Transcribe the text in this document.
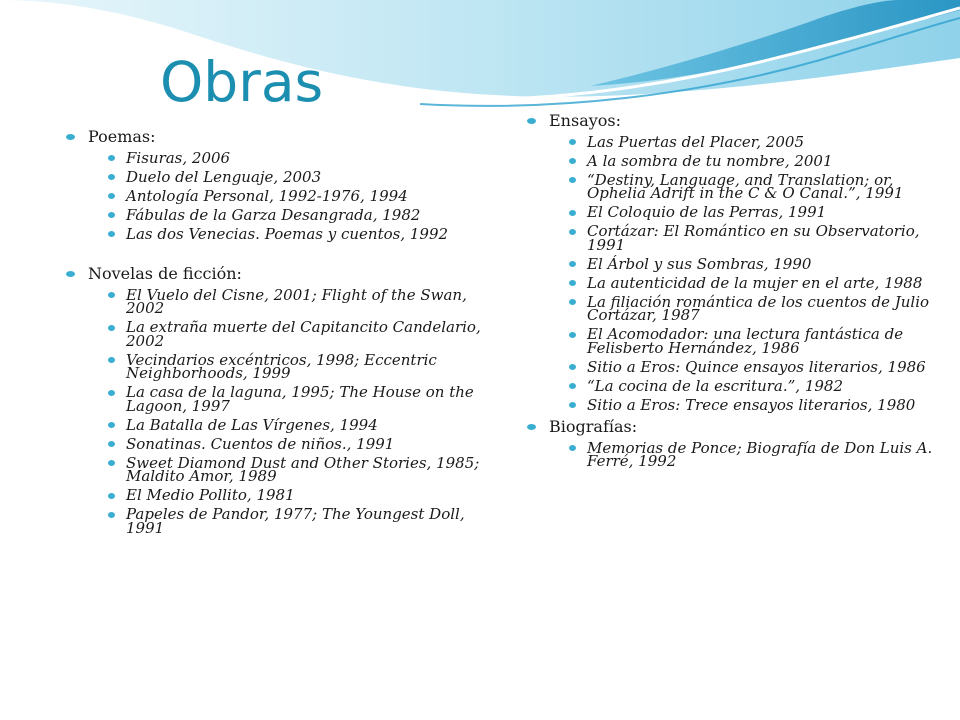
Obras
Poemas:
Fisuras, 2006
Duelo del Lenguaje, 2003
Antología Personal, 1992-1976, 1994
Fábulas de la Garza Desangrada, 1982
Las dos Venecias. Poemas y cuentos, 1992
Novelas de ficción:
El Vuelo del Cisne, 2001; Flight of the Swan, 2002
La extraña muerte del Capitancito Candelario, 2002
Vecindarios excéntricos, 1998; Eccentric Neighborhoods, 1999
La casa de la laguna, 1995; The House on the Lagoon, 1997
La Batalla de Las Vírgenes, 1994
Sonatinas. Cuentos de niños., 1991
Sweet Diamond Dust and Other Stories, 1985; Maldito Amor, 1989
El Medio Pollito, 1981
Papeles de Pandor, 1977; The Youngest Doll, 1991
Ensayos:
Las Puertas del Placer, 2005
A la sombra de tu nombre, 2001
“Destiny, Language, and Translation; or, Ophelia Adrift in the C & O Canal.”, 1991
El Coloquio de las Perras, 1991
Cortázar: El Romántico en su Observatorio, 1991
El Árbol y sus Sombras, 1990
La autenticidad de la mujer en el arte, 1988
La filiación romántica de los cuentos de Julio Cortázar, 1987
El Acomodador: una lectura fantástica de Felisberto Hernández, 1986
Sitio a Eros: Quince ensayos literarios, 1986
“La cocina de la escritura.”, 1982
Sitio a Eros: Trece ensayos literarios, 1980
Biografías:
Memorias de Ponce; Biografía de Don Luis A. Ferré, 1992
